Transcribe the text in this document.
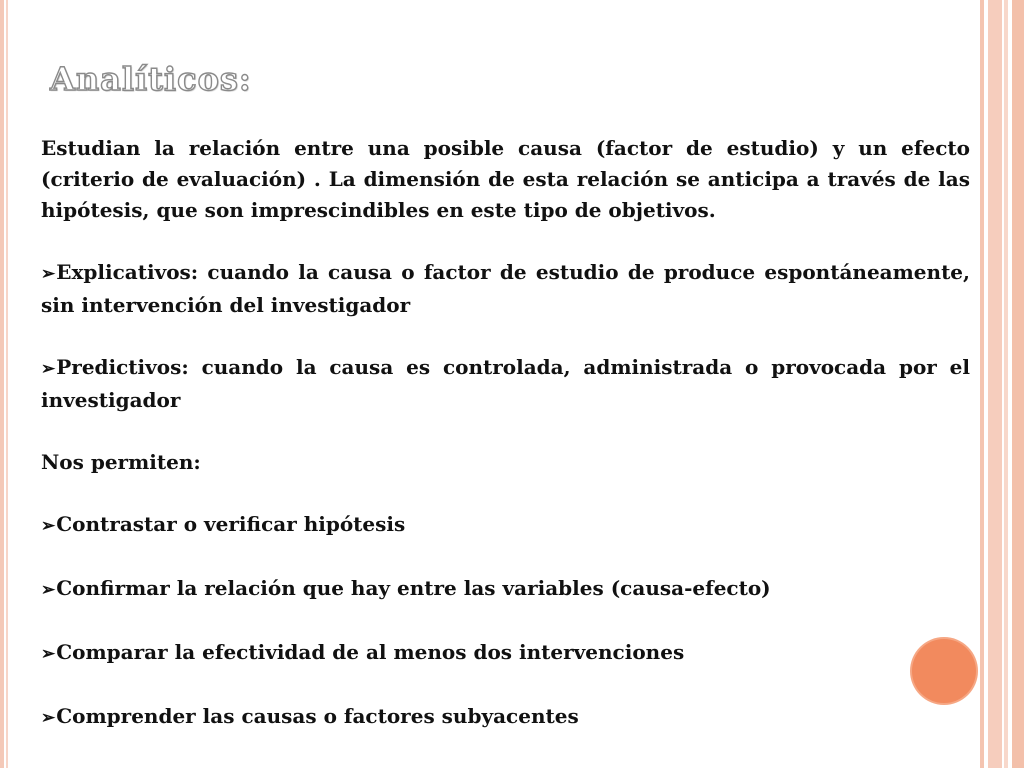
Analíticos:

Estudian la relación entre una posible causa (factor de estudio) y un efecto (criterio de evaluación) . La dimensión de esta relación se anticipa a través de las hipótesis, que son imprescindibles en este tipo de objetivos.

➢Explicativos: cuando la causa o factor de estudio de produce espontáneamente, sin intervención del investigador

➢Predictivos: cuando la causa es controlada, administrada o provocada por el investigador

Nos permiten:

➢Contrastar o verificar hipótesis

➢Confirmar la relación que hay entre las variables (causa-efecto)

➢Comparar la efectividad de al menos dos intervenciones

➢Comprender las causas o factores subyacentes
